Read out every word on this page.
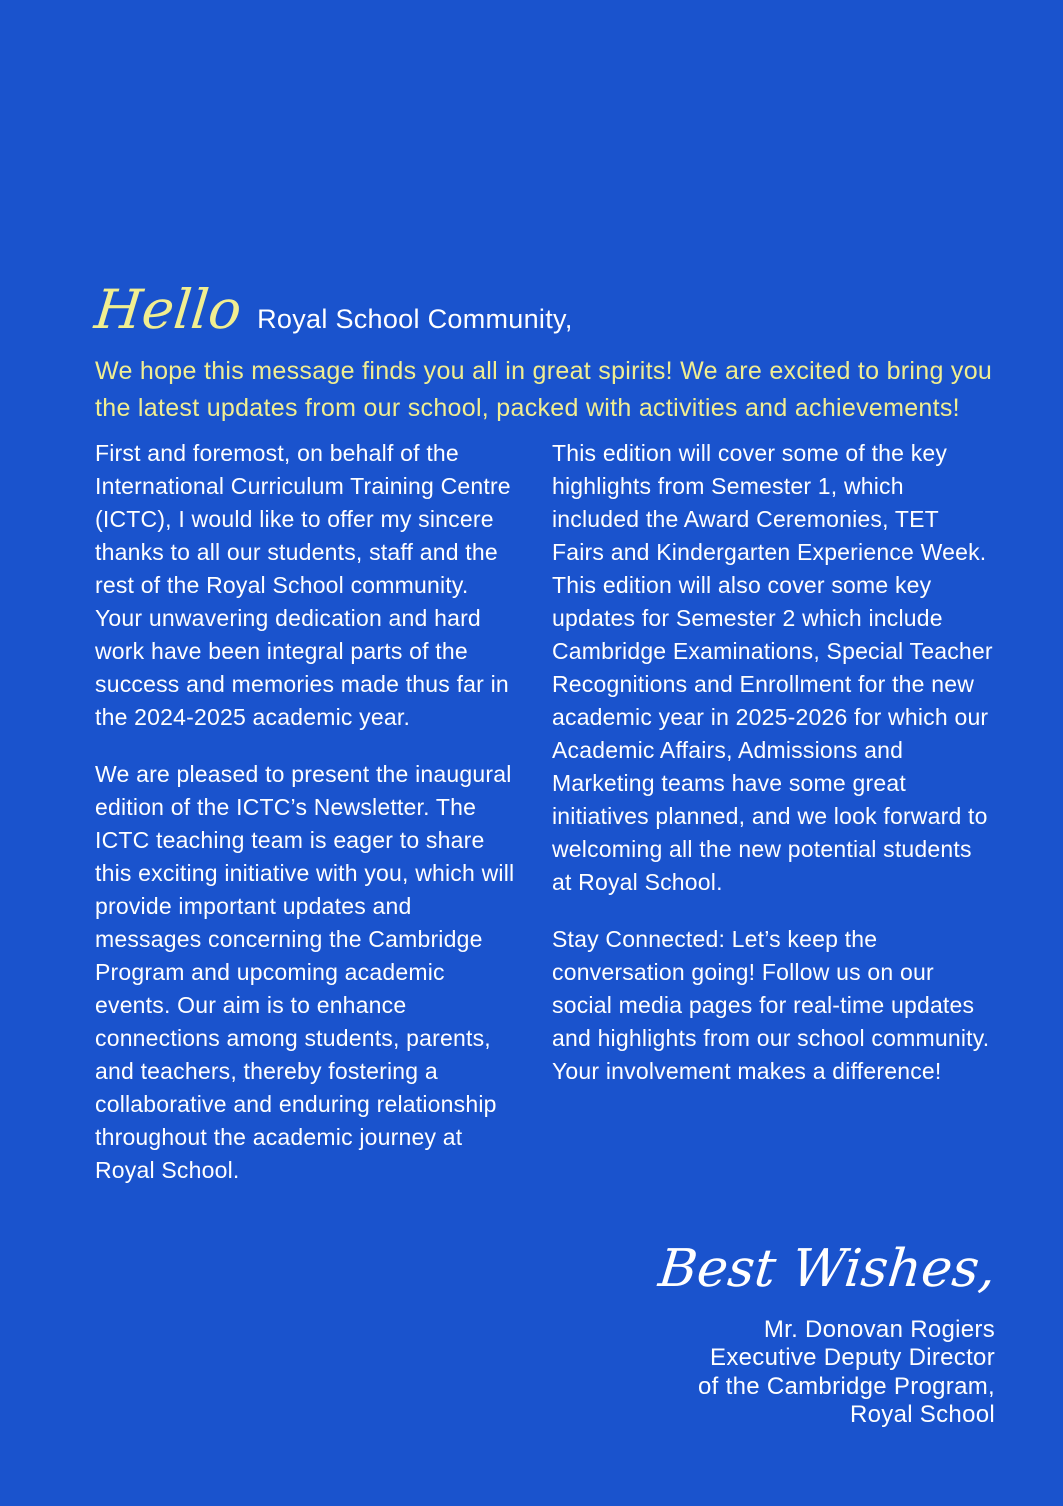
Hello Royal School Community,

We hope this message finds you all in great spirits! We are excited to bring you the latest updates from our school, packed with activities and achievements!

First and foremost, on behalf of the International Curriculum Training Centre (ICTC), I would like to offer my sincere thanks to all our students, staff and the rest of the Royal School community. Your unwavering dedication and hard work have been integral parts of the success and memories made thus far in the 2024-2025 academic year.

We are pleased to present the inaugural edition of the ICTC’s Newsletter. The ICTC teaching team is eager to share this exciting initiative with you, which will provide important updates and messages concerning the Cambridge Program and upcoming academic events. Our aim is to enhance connections among students, parents, and teachers, thereby fostering a collaborative and enduring relationship throughout the academic journey at Royal School.

This edition will cover some of the key highlights from Semester 1, which included the Award Ceremonies, TET Fairs and Kindergarten Experience Week. This edition will also cover some key updates for Semester 2 which include Cambridge Examinations, Special Teacher Recognitions and Enrollment for the new academic year in 2025-2026 for which our Academic Affairs, Admissions and Marketing teams have some great initiatives planned, and we look forward to welcoming all the new potential students at Royal School.

Stay Connected: Let’s keep the conversation going! Follow us on our social media pages for real-time updates and highlights from our school community. Your involvement makes a difference!

Best Wishes,
Mr. Donovan Rogiers
Executive Deputy Director
of the Cambridge Program,
Royal School
